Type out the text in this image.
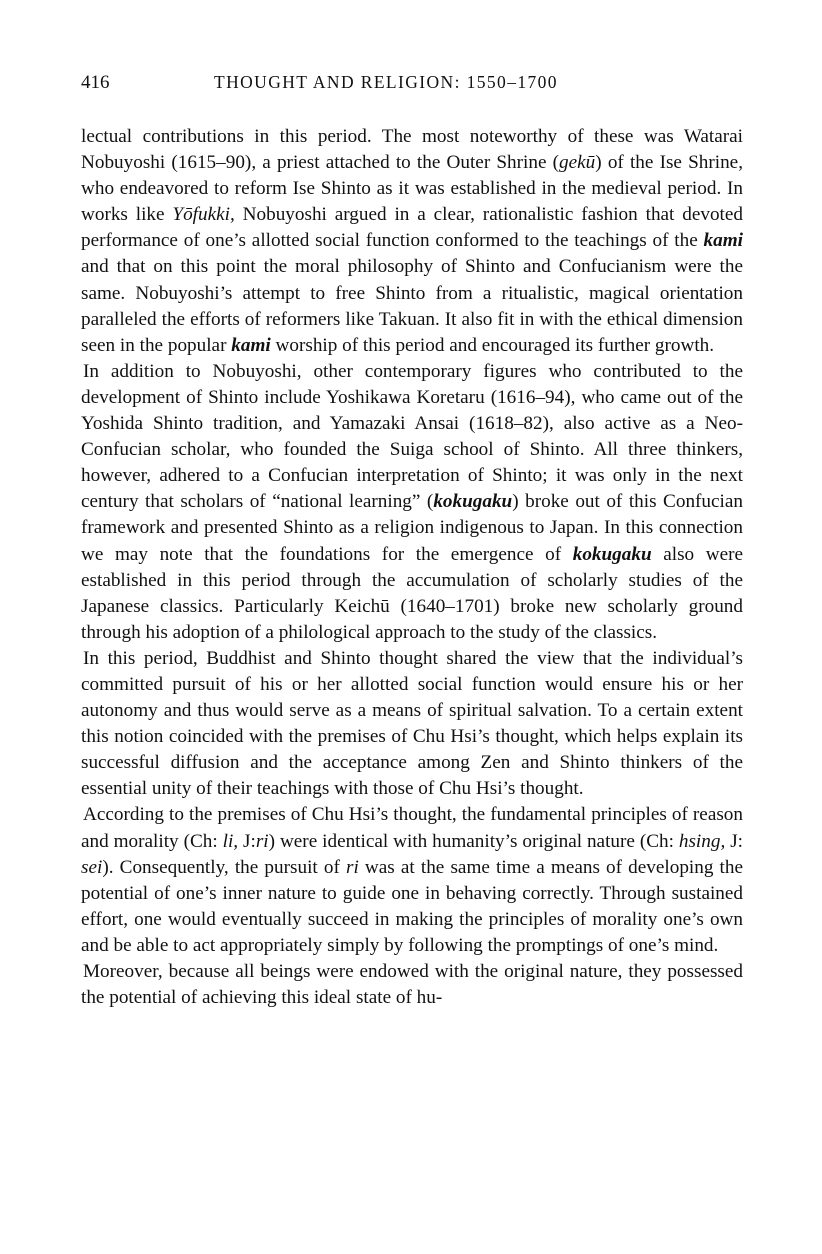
416	THOUGHT AND RELIGION: 1550–1700

lectual contributions in this period. The most noteworthy of these was Watarai Nobuyoshi (1615–90), a priest attached to the Outer Shrine (gekū) of the Ise Shrine, who endeavored to reform Ise Shinto as it was established in the medieval period. In works like Yōfukki, Nobuyoshi argued in a clear, rationalistic fashion that devoted performance of one’s allotted social function conformed to the teachings of the kami and that on this point the moral philosophy of Shinto and Confucianism were the same. Nobuyoshi’s attempt to free Shinto from a ritualistic, magical orientation paralleled the efforts of reformers like Takuan. It also fit in with the ethical dimension seen in the popular kami worship of this period and encouraged its further growth.

In addition to Nobuyoshi, other contemporary figures who contributed to the development of Shinto include Yoshikawa Koretaru (1616–94), who came out of the Yoshida Shinto tradition, and Yamazaki Ansai (1618–82), also active as a Neo-Confucian scholar, who founded the Suiga school of Shinto. All three thinkers, however, adhered to a Confucian interpretation of Shinto; it was only in the next century that scholars of “national learning” (kokugaku) broke out of this Confucian framework and presented Shinto as a religion indigenous to Japan. In this connection we may note that the foundations for the emergence of kokugaku also were established in this period through the accumulation of scholarly studies of the Japanese classics. Particularly Keichū (1640–1701) broke new scholarly ground through his adoption of a philological approach to the study of the classics.

In this period, Buddhist and Shinto thought shared the view that the individual’s committed pursuit of his or her allotted social function would ensure his or her autonomy and thus would serve as a means of spiritual salvation. To a certain extent this notion coincided with the premises of Chu Hsi’s thought, which helps explain its successful diffusion and the acceptance among Zen and Shinto thinkers of the essential unity of their teachings with those of Chu Hsi’s thought.

According to the premises of Chu Hsi’s thought, the fundamental principles of reason and morality (Ch: li, J:ri) were identical with humanity’s original nature (Ch: hsing, J: sei). Consequently, the pursuit of ri was at the same time a means of developing the potential of one’s inner nature to guide one in behaving correctly. Through sustained effort, one would eventually succeed in making the principles of morality one’s own and be able to act appropriately simply by following the promptings of one’s mind.

Moreover, because all beings were endowed with the original nature, they possessed the potential of achieving this ideal state of hu-
